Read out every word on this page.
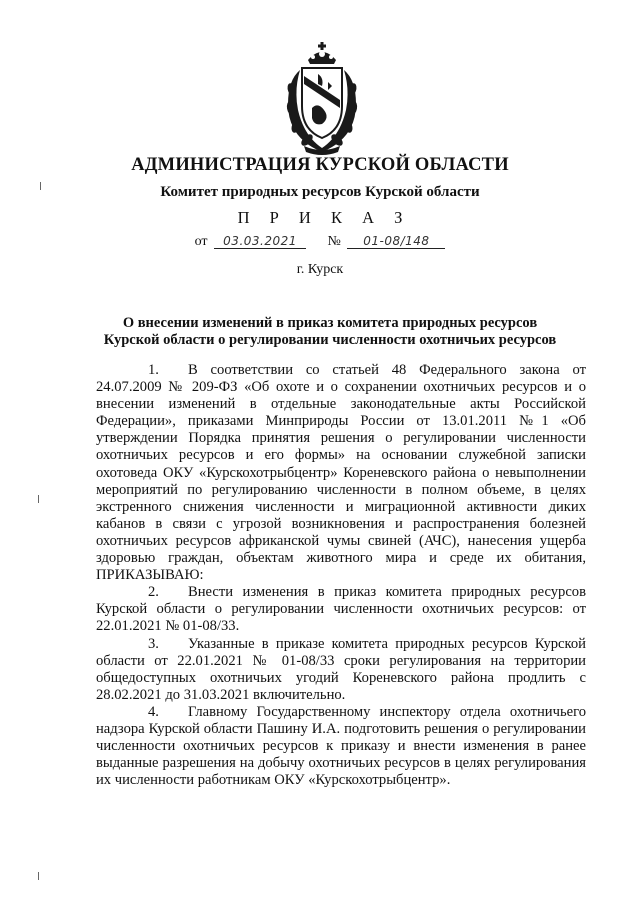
АДМИНИСТРАЦИЯ КУРСКОЙ ОБЛАСТИ
Комитет природных ресурсов Курской области
П Р И К А З
от 03.03.2021 № 01-08/148
г. Курск
О внесении изменений в приказ комитета природных ресурсов
Курской области о регулировании численности охотничьих ресурсов

1. В соответствии со статьей 48 Федерального закона от 24.07.2009 № 209-ФЗ «Об охоте и о сохранении охотничьих ресурсов и о внесении изменений в отдельные законодательные акты Российской Федерации», приказами Минприроды России от 13.01.2011 №1 «Об утверждении Порядка принятия решения о регулировании численности охотничьих ресурсов и его формы» на основании служебной записки охотоведа ОКУ «Курскохотрыбцентр» Кореневского района о невыполнении мероприятий по регулированию численности в полном объеме, в целях экстренного снижения численности и миграционной активности диких кабанов в связи с угрозой возникновения и распространения болезней охотничьих ресурсов африканской чумы свиней (АЧС), нанесения ущерба здоровью граждан, объектам животного мира и среде их обитания, ПРИКАЗЫВАЮ:

2. Внести изменения в приказ комитета природных ресурсов Курской области о регулировании численности охотничьих ресурсов: от 22.01.2021 № 01-08/33.

3. Указанные в приказе комитета природных ресурсов Курской области от 22.01.2021 № 01-08/33 сроки регулирования на территории общедоступных охотничьих угодий Кореневского района продлить с 28.02.2021 до 31.03.2021 включительно.

4. Главному Государственному инспектору отдела охотничьего надзора Курской области Пашину И.А. подготовить решения о регулировании численности охотничьих ресурсов к приказу и внести изменения в ранее выданные разрешения на добычу охотничьих ресурсов в целях регулирования их численности работникам ОКУ «Курскохотрыбцентр».
